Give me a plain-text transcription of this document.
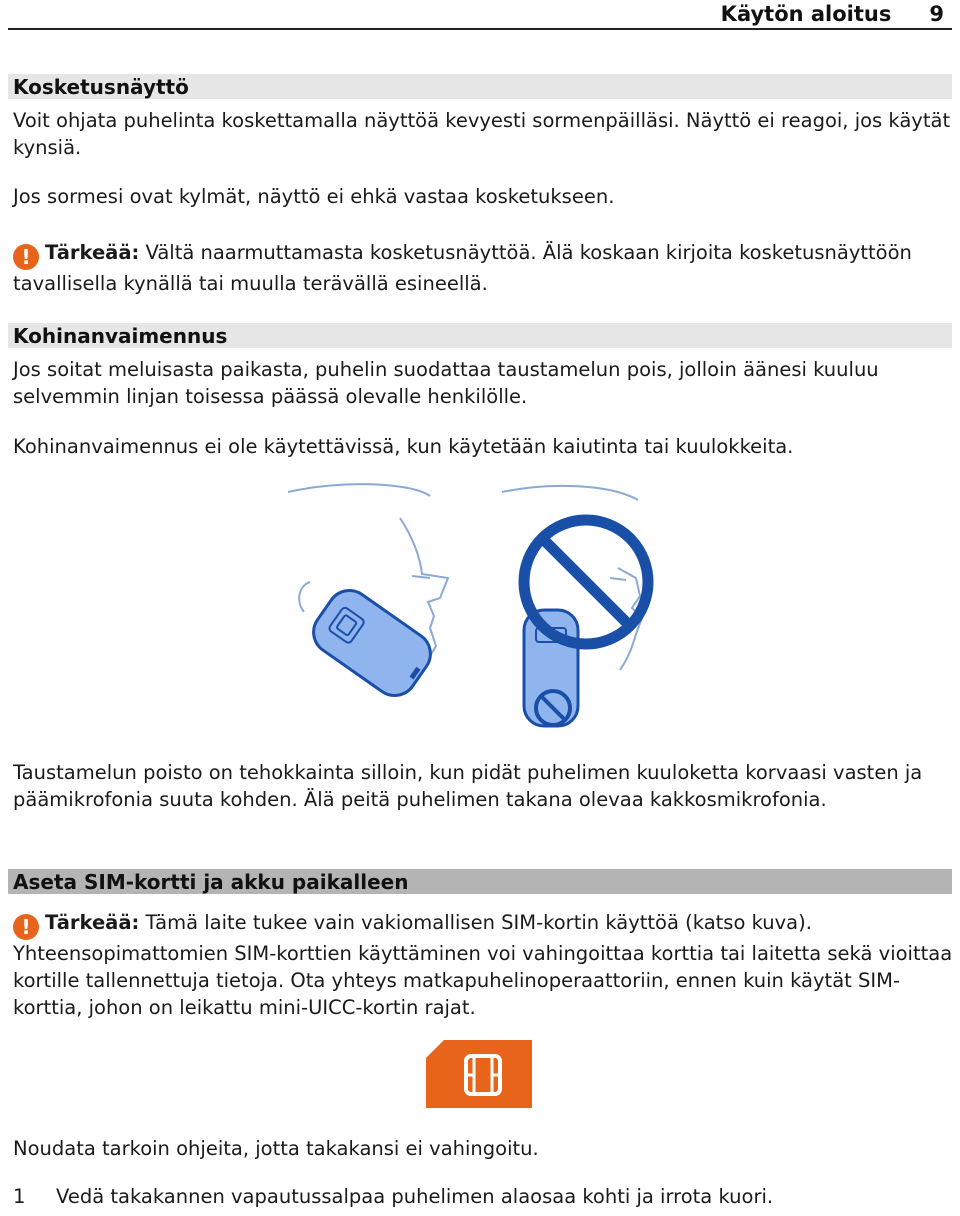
Käytön aloitus 9
Kosketusnäyttö

Voit ohjata puhelinta koskettamalla näyttöä kevyesti sormenpäilläsi. Näyttö ei reagoi, jos käytät kynsiä.

Jos sormesi ovat kylmät, näyttö ei ehkä vastaa kosketukseen.

! Tärkeää: Vältä naarmuttamasta kosketusnäyttöä. Älä koskaan kirjoita kosketusnäyttöön tavallisella kynällä tai muulla terävällä esineellä.

Kohinanvaimennus

Jos soitat meluisasta paikasta, puhelin suodattaa taustamelun pois, jolloin äänesi kuuluu selvemmin linjan toisessa päässä olevalle henkilölle.

Kohinanvaimennus ei ole käytettävissä, kun käytetään kaiutinta tai kuulokkeita.

Taustamelun poisto on tehokkainta silloin, kun pidät puhelimen kuuloketta korvaasi vasten ja päämikrofonia suuta kohden. Älä peitä puhelimen takana olevaa kakkosmikrofonia.

Aseta SIM-kortti ja akku paikalleen

! Tärkeää: Tämä laite tukee vain vakiomallisen SIM-kortin käyttöä (katso kuva). Yhteensopimattomien SIM-korttien käyttäminen voi vahingoittaa korttia tai laitetta sekä vioittaa kortille tallennettuja tietoja. Ota yhteys matkapuhelinoperaattoriin, ennen kuin käytät SIM-korttia, johon on leikattu mini-UICC-kortin rajat.

Noudata tarkoin ohjeita, jotta takakansi ei vahingoitu.

1 Vedä takakannen vapautussalpaa puhelimen alaosaa kohti ja irrota kuori.
